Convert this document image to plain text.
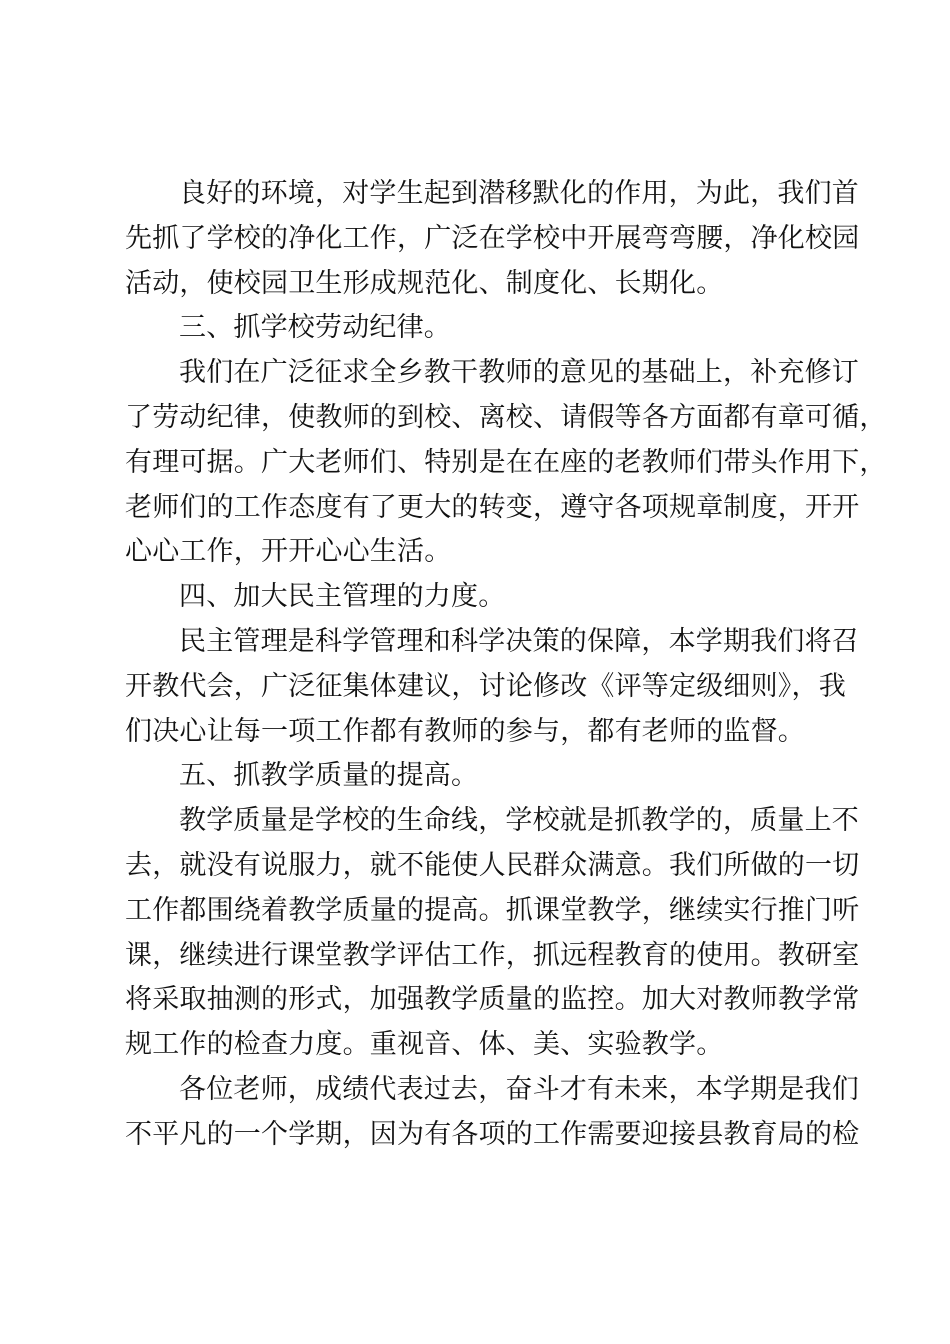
良好的环境，对学生起到潜移默化的作用，为此，我们首
先抓了学校的净化工作，广泛在学校中开展弯弯腰，净化校园
活动，使校园卫生形成规范化、制度化、长期化。
三、抓学校劳动纪律。
我们在广泛征求全乡教干教师的意见的基础上，补充修订
了劳动纪律，使教师的到校、离校、请假等各方面都有章可循，
有理可据。广大老师们、特别是在在座的老教师们带头作用下，
老师们的工作态度有了更大的转变，遵守各项规章制度，开开
心心工作，开开心心生活。
四、加大民主管理的力度。
民主管理是科学管理和科学决策的保障，本学期我们将召
开教代会，广泛征集体建议，讨论修改《评等定级细则》，我
们决心让每一项工作都有教师的参与，都有老师的监督。
五、抓教学质量的提高。
教学质量是学校的生命线，学校就是抓教学的，质量上不
去，就没有说服力，就不能使人民群众满意。我们所做的一切
工作都围绕着教学质量的提高。抓课堂教学，继续实行推门听
课，继续进行课堂教学评估工作，抓远程教育的使用。教研室
将采取抽测的形式，加强教学质量的监控。加大对教师教学常
规工作的检查力度。重视音、体、美、实验教学。
各位老师，成绩代表过去，奋斗才有未来，本学期是我们
不平凡的一个学期，因为有各项的工作需要迎接县教育局的检
